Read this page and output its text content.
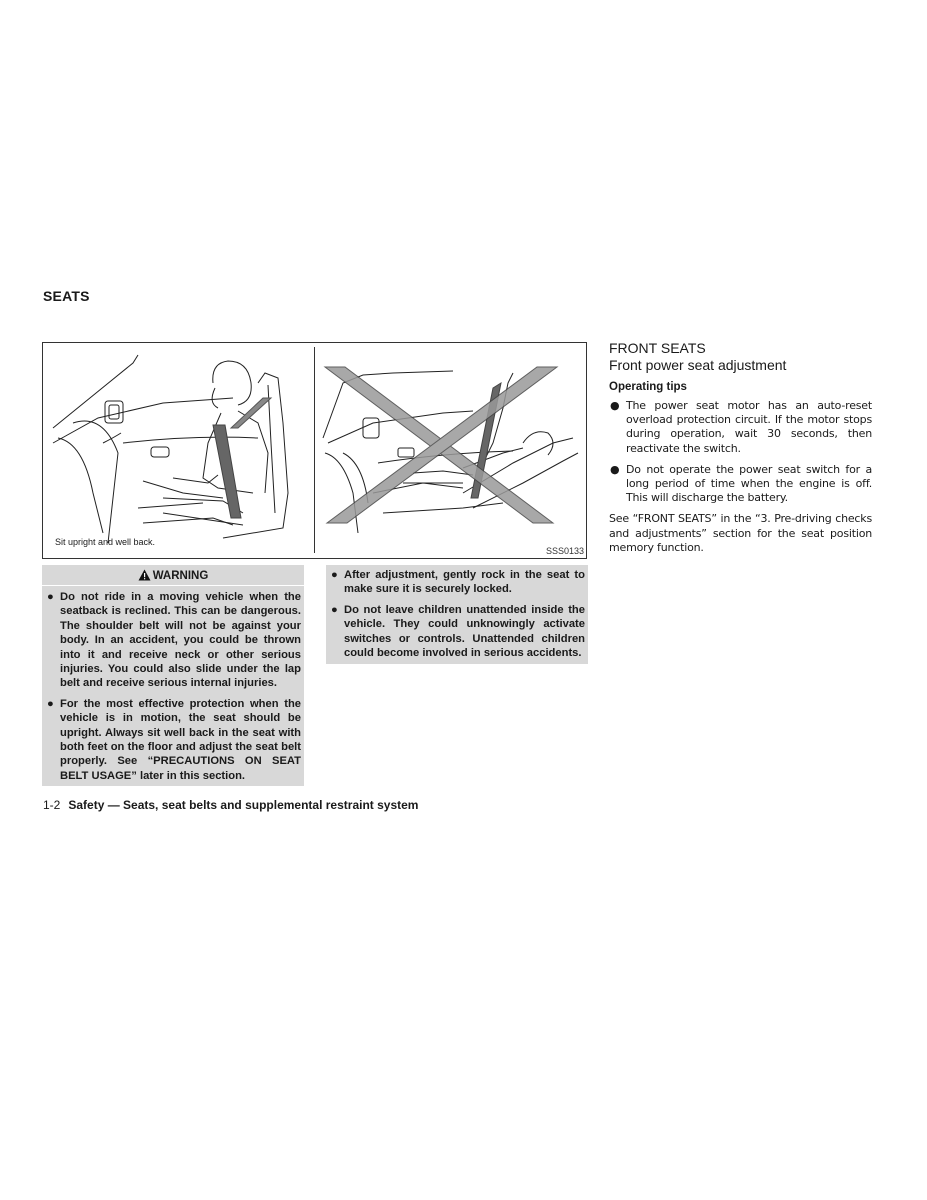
SEATS
Sit upright and well back.
SSS0133
WARNING
● Do not ride in a moving vehicle when the seatback is reclined. This can be dangerous. The shoulder belt will not be against your body. In an accident, you could be thrown into it and receive neck or other serious injuries. You could also slide under the lap belt and receive serious internal injuries.
● For the most effective protection when the vehicle is in motion, the seat should be upright. Always sit well back in the seat with both feet on the floor and adjust the seat belt properly. See “PRECAUTIONS ON SEAT BELT USAGE” later in this section.
● After adjustment, gently rock in the seat to make sure it is securely locked.
● Do not leave children unattended inside the vehicle. They could unknowingly activate switches or controls. Unattended children could become involved in serious accidents.
FRONT SEATS
Front power seat adjustment
Operating tips
● The power seat motor has an auto-reset overload protection circuit. If the motor stops during operation, wait 30 seconds, then reactivate the switch.
● Do not operate the power seat switch for a long period of time when the engine is off. This will discharge the battery.
See “FRONT SEATS” in the “3. Pre-driving checks and adjustments” section for the seat position memory function.
1-2 Safety — Seats, seat belts and supplemental restraint system
